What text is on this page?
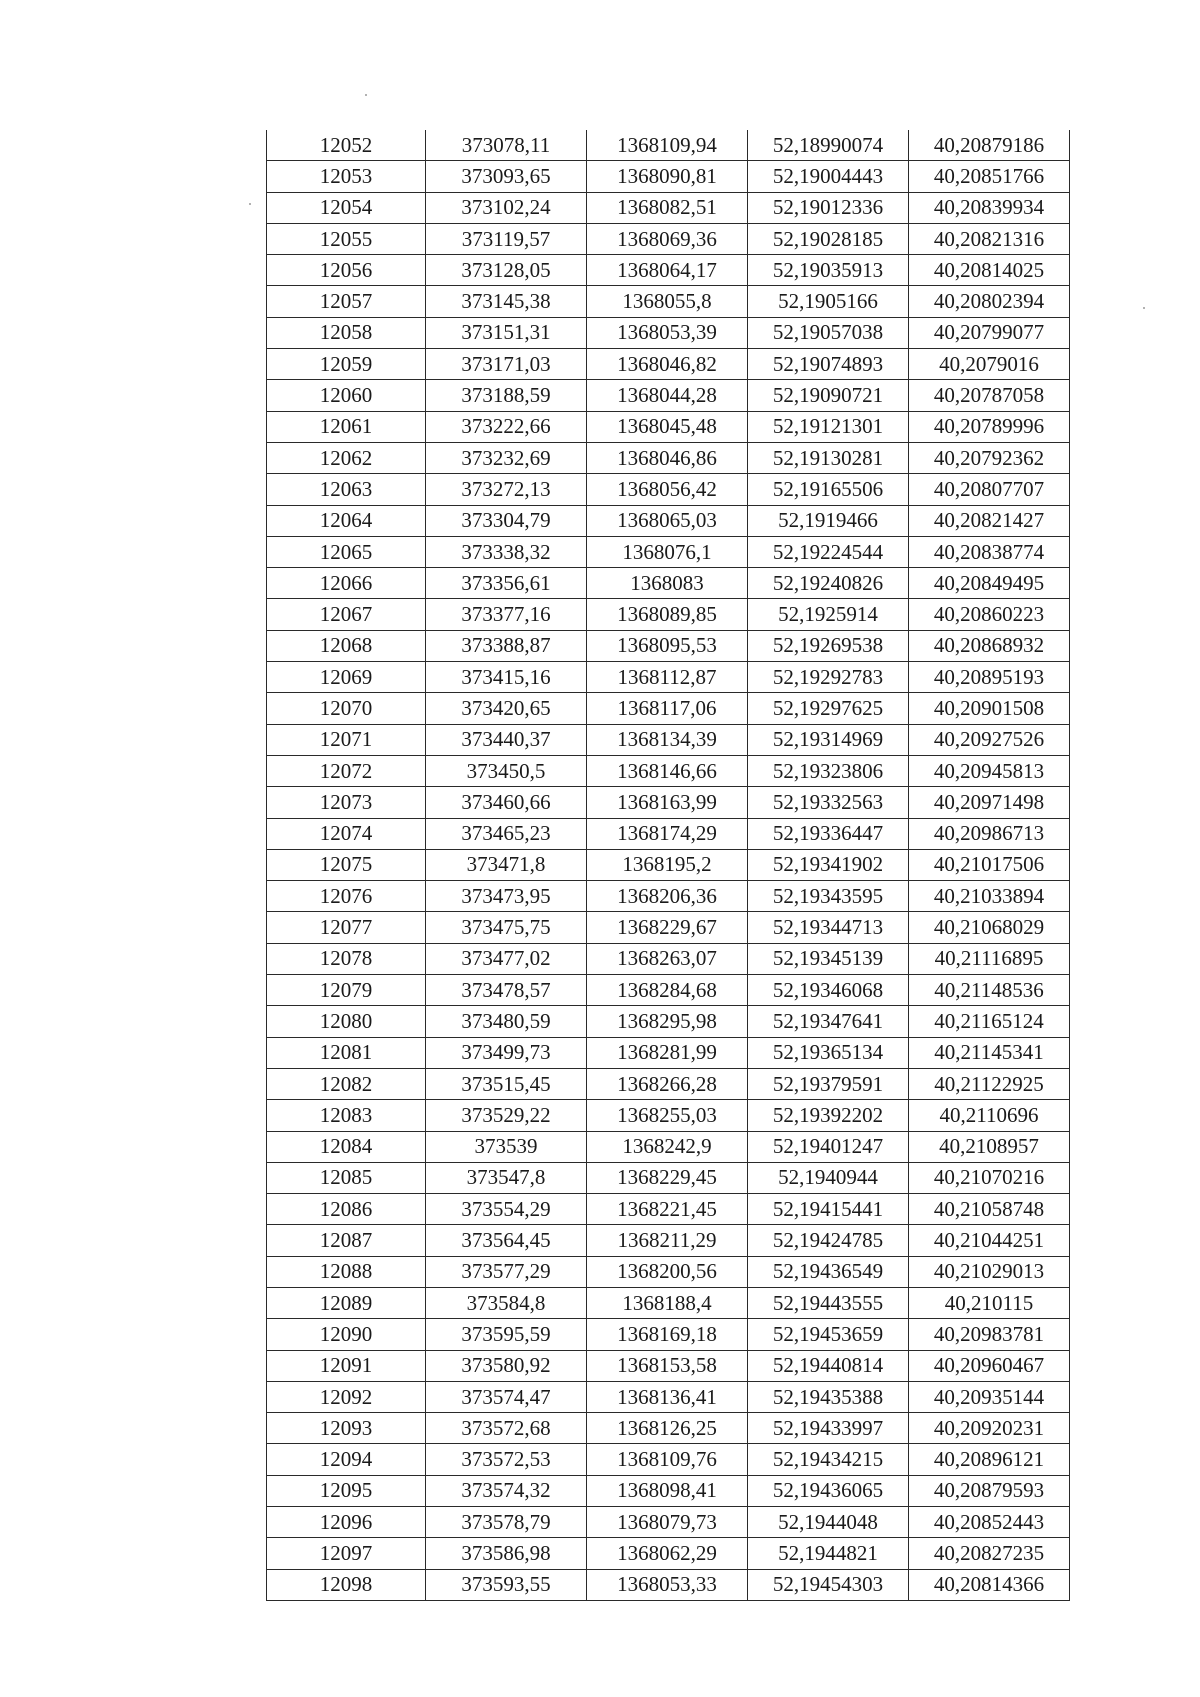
12052	373078,11	1368109,94	52,18990074	40,20879186
12053	373093,65	1368090,81	52,19004443	40,20851766
12054	373102,24	1368082,51	52,19012336	40,20839934
12055	373119,57	1368069,36	52,19028185	40,20821316
12056	373128,05	1368064,17	52,19035913	40,20814025
12057	373145,38	1368055,8	52,1905166	40,20802394
12058	373151,31	1368053,39	52,19057038	40,20799077
12059	373171,03	1368046,82	52,19074893	40,2079016
12060	373188,59	1368044,28	52,19090721	40,20787058
12061	373222,66	1368045,48	52,19121301	40,20789996
12062	373232,69	1368046,86	52,19130281	40,20792362
12063	373272,13	1368056,42	52,19165506	40,20807707
12064	373304,79	1368065,03	52,1919466	40,20821427
12065	373338,32	1368076,1	52,19224544	40,20838774
12066	373356,61	1368083	52,19240826	40,20849495
12067	373377,16	1368089,85	52,1925914	40,20860223
12068	373388,87	1368095,53	52,19269538	40,20868932
12069	373415,16	1368112,87	52,19292783	40,20895193
12070	373420,65	1368117,06	52,19297625	40,20901508
12071	373440,37	1368134,39	52,19314969	40,20927526
12072	373450,5	1368146,66	52,19323806	40,20945813
12073	373460,66	1368163,99	52,19332563	40,20971498
12074	373465,23	1368174,29	52,19336447	40,20986713
12075	373471,8	1368195,2	52,19341902	40,21017506
12076	373473,95	1368206,36	52,19343595	40,21033894
12077	373475,75	1368229,67	52,19344713	40,21068029
12078	373477,02	1368263,07	52,19345139	40,21116895
12079	373478,57	1368284,68	52,19346068	40,21148536
12080	373480,59	1368295,98	52,19347641	40,21165124
12081	373499,73	1368281,99	52,19365134	40,21145341
12082	373515,45	1368266,28	52,19379591	40,21122925
12083	373529,22	1368255,03	52,19392202	40,2110696
12084	373539	1368242,9	52,19401247	40,2108957
12085	373547,8	1368229,45	52,1940944	40,21070216
12086	373554,29	1368221,45	52,19415441	40,21058748
12087	373564,45	1368211,29	52,19424785	40,21044251
12088	373577,29	1368200,56	52,19436549	40,21029013
12089	373584,8	1368188,4	52,19443555	40,210115
12090	373595,59	1368169,18	52,19453659	40,20983781
12091	373580,92	1368153,58	52,19440814	40,20960467
12092	373574,47	1368136,41	52,19435388	40,20935144
12093	373572,68	1368126,25	52,19433997	40,20920231
12094	373572,53	1368109,76	52,19434215	40,20896121
12095	373574,32	1368098,41	52,19436065	40,20879593
12096	373578,79	1368079,73	52,1944048	40,20852443
12097	373586,98	1368062,29	52,1944821	40,20827235
12098	373593,55	1368053,33	52,19454303	40,20814366
